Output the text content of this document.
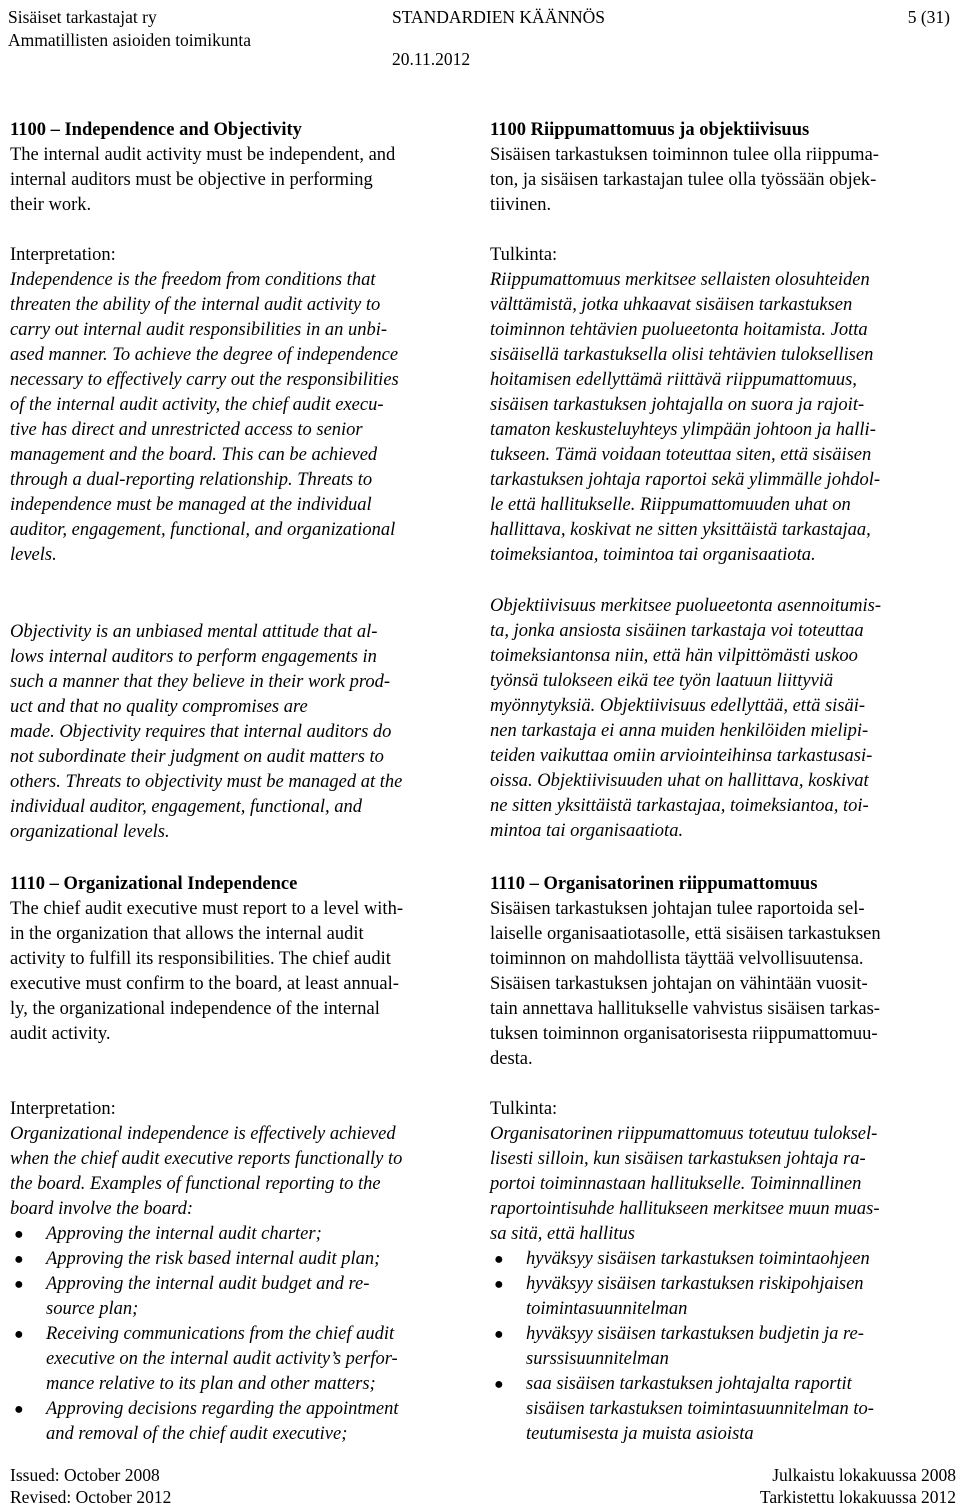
Sisäiset tarkastajat ry
Ammatillisten asioiden toimikunta
STANDARDIEN KÄÄNNÖS
20.11.2012
5 (31)
1100 – Independence and Objectivity
The internal audit activity must be independent, and
internal auditors must be objective in performing
their work.
Interpretation:
Independence is the freedom from conditions that
threaten the ability of the internal audit activity to
carry out internal audit responsibilities in an unbi-
ased manner. To achieve the degree of independence
necessary to effectively carry out the responsibilities
of the internal audit activity, the chief audit execu-
tive has direct and unrestricted access to senior
management and the board. This can be achieved
through a dual-reporting relationship. Threats to
independence must be managed at the individual
auditor, engagement, functional, and organizational
levels.
Objectivity is an unbiased mental attitude that al-
lows internal auditors to perform engagements in
such a manner that they believe in their work prod-
uct and that no quality compromises are
made. Objectivity requires that internal auditors do
not subordinate their judgment on audit matters to
others. Threats to objectivity must be managed at the
individual auditor, engagement, functional, and
organizational levels.
1110 – Organizational Independence
The chief audit executive must report to a level with-
in the organization that allows the internal audit
activity to fulfill its responsibilities. The chief audit
executive must confirm to the board, at least annual-
ly, the organizational independence of the internal
audit activity.
Interpretation:
Organizational independence is effectively achieved
when the chief audit executive reports functionally to
the board. Examples of functional reporting to the
board involve the board:
● Approving the internal audit charter;
● Approving the risk based internal audit plan;
● Approving the internal audit budget and re-
source plan;
● Receiving communications from the chief audit
executive on the internal audit activity’s perfor-
mance relative to its plan and other matters;
● Approving decisions regarding the appointment
and removal of the chief audit executive;
1100 Riippumattomuus ja objektiivisuus
Sisäisen tarkastuksen toiminnon tulee olla riippuma-
ton, ja sisäisen tarkastajan tulee olla työssään objek-
tiivinen.
Tulkinta:
Riippumattomuus merkitsee sellaisten olosuhteiden
välttämistä, jotka uhkaavat sisäisen tarkastuksen
toiminnon tehtävien puolueetonta hoitamista. Jotta
sisäisellä tarkastuksella olisi tehtävien tuloksellisen
hoitamisen edellyttämä riittävä riippumattomuus,
sisäisen tarkastuksen johtajalla on suora ja rajoit-
tamaton keskusteluyhteys ylimpään johtoon ja halli-
tukseen. Tämä voidaan toteuttaa siten, että sisäisen
tarkastuksen johtaja raportoi sekä ylimmälle johdol-
le että hallitukselle. Riippumattomuuden uhat on
hallittava, koskivat ne sitten yksittäistä tarkastajaa,
toimeksiantoa, toimintoa tai organisaatiota.
Objektiivisuus merkitsee puolueetonta asennoitumis-
ta, jonka ansiosta sisäinen tarkastaja voi toteuttaa
toimeksiantonsa niin, että hän vilpittömästi uskoo
työnsä tulokseen eikä tee työn laatuun liittyviä
myönnytyksiä. Objektiivisuus edellyttää, että sisäi-
nen tarkastaja ei anna muiden henkilöiden mielipi-
teiden vaikuttaa omiin arviointeihinsa tarkastusasi-
oissa. Objektiivisuuden uhat on hallittava, koskivat
ne sitten yksittäistä tarkastajaa, toimeksiantoa, toi-
mintoa tai organisaatiota.
1110 – Organisatorinen riippumattomuus
Sisäisen tarkastuksen johtajan tulee raportoida sel-
laiselle organisaatiotasolle, että sisäisen tarkastuksen
toiminnon on mahdollista täyttää velvollisuutensa.
Sisäisen tarkastuksen johtajan on vähintään vuosit-
tain annettava hallitukselle vahvistus sisäisen tarkas-
tuksen toiminnon organisatorisesta riippumattomuu-
desta.
Tulkinta:
Organisatorinen riippumattomuus toteutuu tuloksel-
lisesti silloin, kun sisäisen tarkastuksen johtaja ra-
portoi toiminnastaan hallitukselle. Toiminnallinen
raportointisuhde hallitukseen merkitsee muun muas-
sa sitä, että hallitus
● hyväksyy sisäisen tarkastuksen toimintaohjeen
● hyväksyy sisäisen tarkastuksen riskipohjaisen
toimintasuunnitelman
● hyväksyy sisäisen tarkastuksen budjetin ja re-
surssisuunnitelman
● saa sisäisen tarkastuksen johtajalta raportit
sisäisen tarkastuksen toimintasuunnitelman to-
teutumisesta ja muista asioista
Issued: October 2008
Revised: October 2012
Julkaistu lokakuussa 2008
Tarkistettu lokakuussa 2012
